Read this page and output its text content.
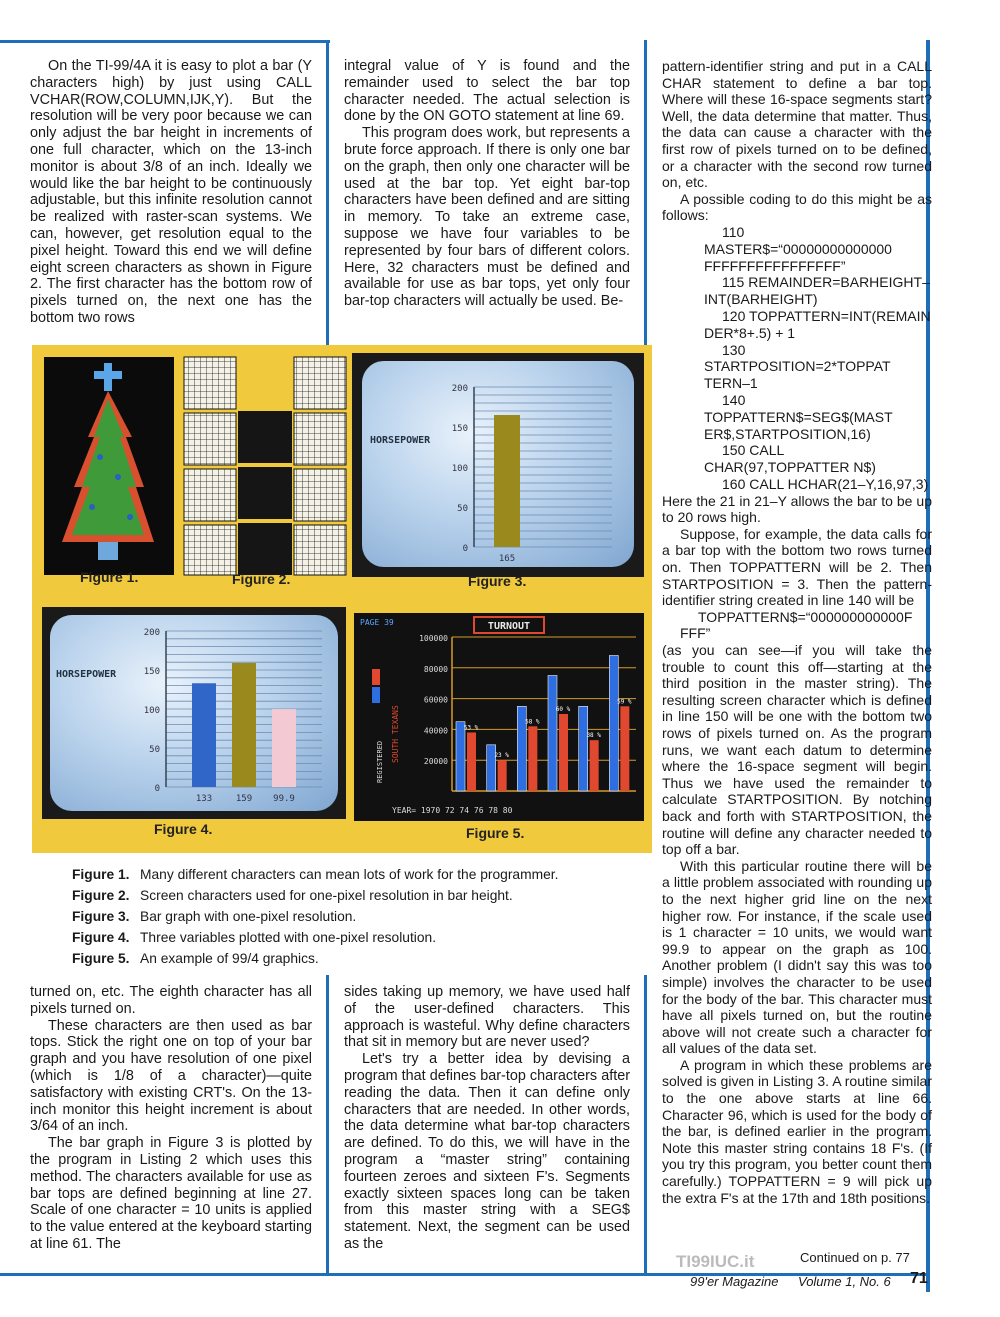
On the TI-99/4A it is easy to plot a bar (Y characters high) by just using CALL VCHAR(ROW,COLUMN,IJK,Y). But the resolution will be very poor because we can only adjust the bar height in increments of one full character, which on the 13-inch monitor is about 3/8 of an inch. Ideally we would like the bar height to be continuously adjustable, but this infinite resolution cannot be realized with raster-scan systems. We can, however, get resolution equal to the pixel height. Toward this end we will define eight screen characters as shown in Figure 2. The first character has the bottom row of pixels turned on, the next one has the bottom two rows

integral value of Y is found and the remainder used to select the bar top character needed. The actual selection is done by the ON GOTO statement at line 69.

This program does work, but represents a brute force approach. If there is only one bar on the graph, then only one character will be used at the bar top. Yet eight bar-top characters have been defined and are sitting in memory. To take an extreme case, suppose we have four variables to be represented by four bars of different colors. Here, 32 characters must be defined and available for use as bar tops, yet only four bar-top characters will actually be used. Be-

pattern-identifier string and put in a CALL CHAR statement to define a bar top. Where will these 16-space segments start? Well, the data determine that matter. Thus, the data can cause a character with the first row of pixels turned on to be defined, or a character with the second row turned on, etc.

A possible coding to do this might be as follows:

110 MASTER$=“00000000000000 FFFFFFFFFFFFFFFF”

115 REMAINDER=BARHEIGHT– INT(BARHEIGHT)

120 TOPPATTERN=INT(REMAIN DER*8+.5) + 1

130 STARTPOSITION=2*TOPPAT TERN–1

140 TOPPATTERN$=SEG$(MAST ER$,STARTPOSITION,16)

150 CALL CHAR(97,TOPPATTER N$)

160 CALL HCHAR(21–Y,16,97,3)

Here the 21 in 21–Y allows the bar to be up to 20 rows high.

Suppose, for example, the data calls for a bar top with the bottom two rows turned on. Then TOPPATTERN will be 2. Then STARTPOSITION = 3. Then the pattern-identifier string created in line 140 will be

TOPPATTERN$=“000000000000F FFF”

(as you can see—if you will take the trouble to count this off—starting at the third position in the master string). The resulting screen character which is defined in line 150 will be one with the bottom two rows of pixels turned on. As the program runs, we want each datum to determine where the 16-space segment will begin. Thus we have used the remainder to calculate STARTPOSITION. By notching back and forth with STARTPOSITION, the routine will define any character needed to top off a bar.

With this particular routine there will be a little problem associated with rounding up to the next higher grid line on the next higher row. For instance, if the scale used is 1 character = 10 units, we would want 99.9 to appear on the graph as 100. Another problem (I didn't say this was too simple) involves the character to be used for the body of the bar. This character must have all pixels turned on, but the routine above will not create such a character for all values of the data set.

A program in which these problems are solved is given in Listing 3. A routine similar to the one above starts at line 66. Character 96, which is used for the body of the bar, is defined earlier in the program. Note this master string contains 18 F's. (If you try this program, you better count them carefully.) TOPPATTERN = 9 will pick up the extra F's at the 17th and 18th positions.

Figure 1.	Figure 2.
200
150
100
50
0
HORSEPOWER
165
Figure 3.
200
150
100
50
0
HORSEPOWER
133	159 99.9
Figure 4.
PAGE 39	TURNOUT
100000
80000
60000
40000
20000
SOUTH TEXANS
REGISTERED
53 %
23 %
58 %
60 %
38 %
59 %
YEAR= 1970 72 74 76 78 80
Figure 5.
Figure 1. Many different characters can mean lots of work for the programmer.
Figure 2. Screen characters used for one-pixel resolution in bar height.
Figure 3. Bar graph with one-pixel resolution.
Figure 4. Three variables plotted with one-pixel resolution.
Figure 5. An example of 99/4 graphics.

turned on, etc. The eighth character has all pixels turned on.

These characters are then used as bar tops. Stick the right one on top of your bar graph and you have resolution of one pixel (which is 1/8 of a character)—quite satisfactory with existing CRT's. On the 13-inch monitor this height increment is about 3/64 of an inch.

The bar graph in Figure 3 is plotted by the program in Listing 2 which uses this method. The characters available for use as bar tops are defined beginning at line 27. Scale of one character = 10 units is applied to the value entered at the keyboard starting at line 61. The

sides taking up memory, we have used half of the user-defined characters. This approach is wasteful. Why define characters that sit in memory but are never used?

Let's try a better idea by devising a program that defines bar-top characters after reading the data. Then it can define only characters that are needed. In other words, the data determine what bar-top characters are defined. To do this, we will have in the program a “master string” containing fourteen zeroes and sixteen F's. Segments exactly sixteen spaces long can be taken from this master string with a SEG$ statement. Next, the segment can be used as the

Continued on p. 77
TI99IUC.it
99'er Magazine Volume 1, No. 6 71
